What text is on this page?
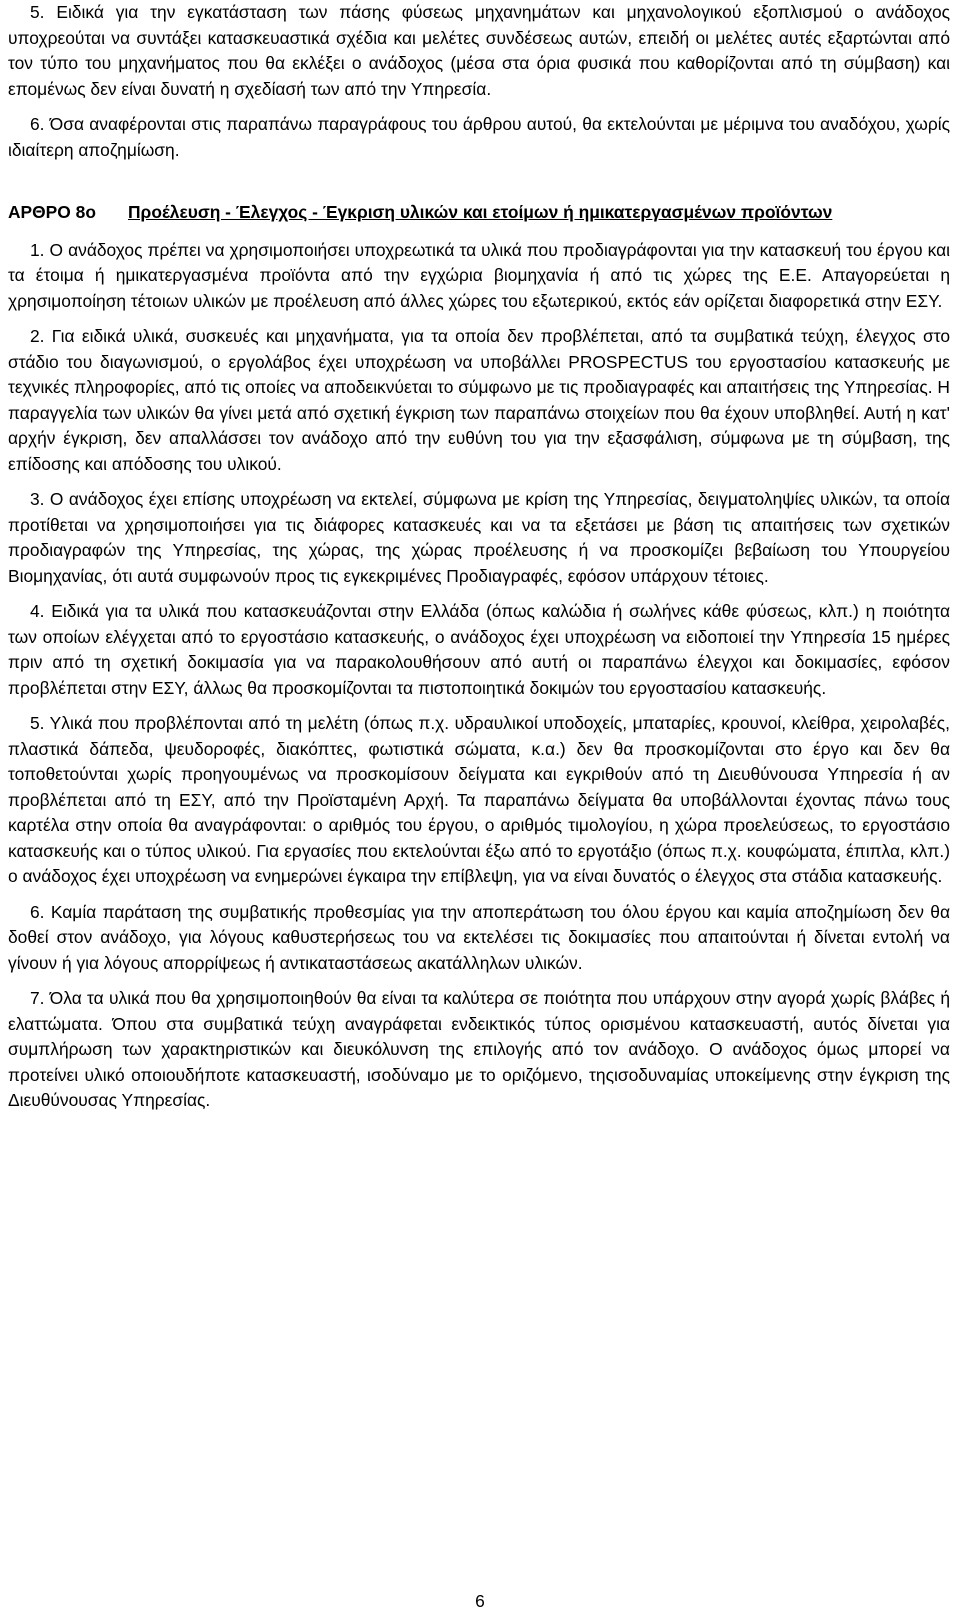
5. Ειδικά για την εγκατάσταση των πάσης φύσεως μηχανημάτων και μηχανολογικού εξοπλισμού ο ανάδοχος υποχρεούται να συντάξει κατασκευαστικά σχέδια και μελέτες συνδέσεως αυτών, επειδή οι μελέτες αυτές εξαρτώνται από τον τύπο του μηχανήματος που θα εκλέξει ο ανάδοχος (μέσα στα όρια φυσικά που καθορίζονται από τη σύμβαση) και επομένως δεν είναι δυνατή η σχεδίασή των από την Υπηρεσία.

6. Όσα αναφέρονται στις παραπάνω παραγράφους του άρθρου αυτού, θα εκτελούνται με μέριμνα του αναδόχου, χωρίς ιδιαίτερη αποζημίωση.

ΑΡΘΡΟ 8ο Προέλευση - Έλεγχος - Έγκριση υλικών και ετοίμων ή ημικατεργασμένων προϊόντων

1. Ο ανάδοχος πρέπει να χρησιμοποιήσει υποχρεωτικά τα υλικά που προδιαγράφονται για την κατασκευή του έργου και τα έτοιμα ή ημικατεργασμένα προϊόντα από την εγχώρια βιομηχανία ή από τις χώρες της Ε.Ε. Απαγορεύεται η χρησιμοποίηση τέτοιων υλικών με προέλευση από άλλες χώρες του εξωτερικού, εκτός εάν ορίζεται διαφορετικά στην ΕΣΥ.

2. Για ειδικά υλικά, συσκευές και μηχανήματα, για τα οποία δεν προβλέπεται, από τα συμβατικά τεύχη, έλεγχος στο στάδιο του διαγωνισμού, ο εργολάβος έχει υποχρέωση να υποβάλλει PROSPECTUS του εργοστασίου κατασκευής με τεχνικές πληροφορίες, από τις οποίες να αποδεικνύεται το σύμφωνο με τις προδιαγραφές και απαιτήσεις της Υπηρεσίας. Η παραγγελία των υλικών θα γίνει μετά από σχετική έγκριση των παραπάνω στοιχείων που θα έχουν υποβληθεί. Αυτή η κατ' αρχήν έγκριση, δεν απαλλάσσει τον ανάδοχο από την ευθύνη του για την εξασφάλιση, σύμφωνα με τη σύμβαση, της επίδοσης και απόδοσης του υλικού.

3. Ο ανάδοχος έχει επίσης υποχρέωση να εκτελεί, σύμφωνα με κρίση της Υπηρεσίας, δειγματοληψίες υλικών, τα οποία προτίθεται να χρησιμοποιήσει για τις διάφορες κατασκευές και να τα εξετάσει με βάση τις απαιτήσεις των σχετικών προδιαγραφών της Υπηρεσίας, της χώρας, της χώρας προέλευσης ή να προσκομίζει βεβαίωση του Υπουργείου Βιομηχανίας, ότι αυτά συμφωνούν προς τις εγκεκριμένες Προδιαγραφές, εφόσον υπάρχουν τέτοιες.

4. Ειδικά για τα υλικά που κατασκευάζονται στην Ελλάδα (όπως καλώδια ή σωλήνες κάθε φύσεως, κλπ.) η ποιότητα των οποίων ελέγχεται από το εργοστάσιο κατασκευής, ο ανάδοχος έχει υποχρέωση να ειδοποιεί την Υπηρεσία 15 ημέρες πριν από τη σχετική δοκιμασία για να παρακολουθήσουν από αυτή οι παραπάνω έλεγχοι και δοκιμασίες, εφόσον προβλέπεται στην ΕΣΥ, άλλως θα προσκομίζονται τα πιστοποιητικά δοκιμών του εργοστασίου κατασκευής.

5. Υλικά που προβλέπονται από τη μελέτη (όπως π.χ. υδραυλικοί υποδοχείς, μπαταρίες, κρουνοί, κλείθρα, χειρολαβές, πλαστικά δάπεδα, ψευδοροφές, διακόπτες, φωτιστικά σώματα, κ.α.) δεν θα προσκομίζονται στο έργο και δεν θα τοποθετούνται χωρίς προηγουμένως να προσκομίσουν δείγματα και εγκριθούν από τη Διευθύνουσα Υπηρεσία ή αν προβλέπεται από τη ΕΣΥ, από την Προϊσταμένη Αρχή. Τα παραπάνω δείγματα θα υποβάλλονται έχοντας πάνω τους καρτέλα στην οποία θα αναγράφονται: ο αριθμός του έργου, ο αριθμός τιμολογίου, η χώρα προελεύσεως, το εργοστάσιο κατασκευής και ο τύπος υλικού. Για εργασίες που εκτελούνται έξω από το εργοτάξιο (όπως π.χ. κουφώματα, έπιπλα, κλπ.) ο ανάδοχος έχει υποχρέωση να ενημερώνει έγκαιρα την επίβλεψη, για να είναι δυνατός ο έλεγχος στα στάδια κατασκευής.

6. Καμία παράταση της συμβατικής προθεσμίας για την αποπεράτωση του όλου έργου και καμία αποζημίωση δεν θα δοθεί στον ανάδοχο, για λόγους καθυστερήσεως του να εκτελέσει τις δοκιμασίες που απαιτούνται ή δίνεται εντολή να γίνουν ή για λόγους απορρίψεως ή αντικαταστάσεως ακατάλληλων υλικών.

7. Όλα τα υλικά που θα χρησιμοποιηθούν θα είναι τα καλύτερα σε ποιότητα που υπάρχουν στην αγορά χωρίς βλάβες ή ελαττώματα. Όπου στα συμβατικά τεύχη αναγράφεται ενδεικτικός τύπος ορισμένου κατασκευαστή, αυτός δίνεται για συμπλήρωση των χαρακτηριστικών και διευκόλυνση της επιλογής από τον ανάδοχο. Ο ανάδοχος όμως μπορεί να προτείνει υλικό οποιουδήποτε κατασκευαστή, ισοδύναμο με το οριζόμενο, τηςισοδυναμίας υποκείμενης στην έγκριση της Διευθύνουσας Υπηρεσίας.

6
